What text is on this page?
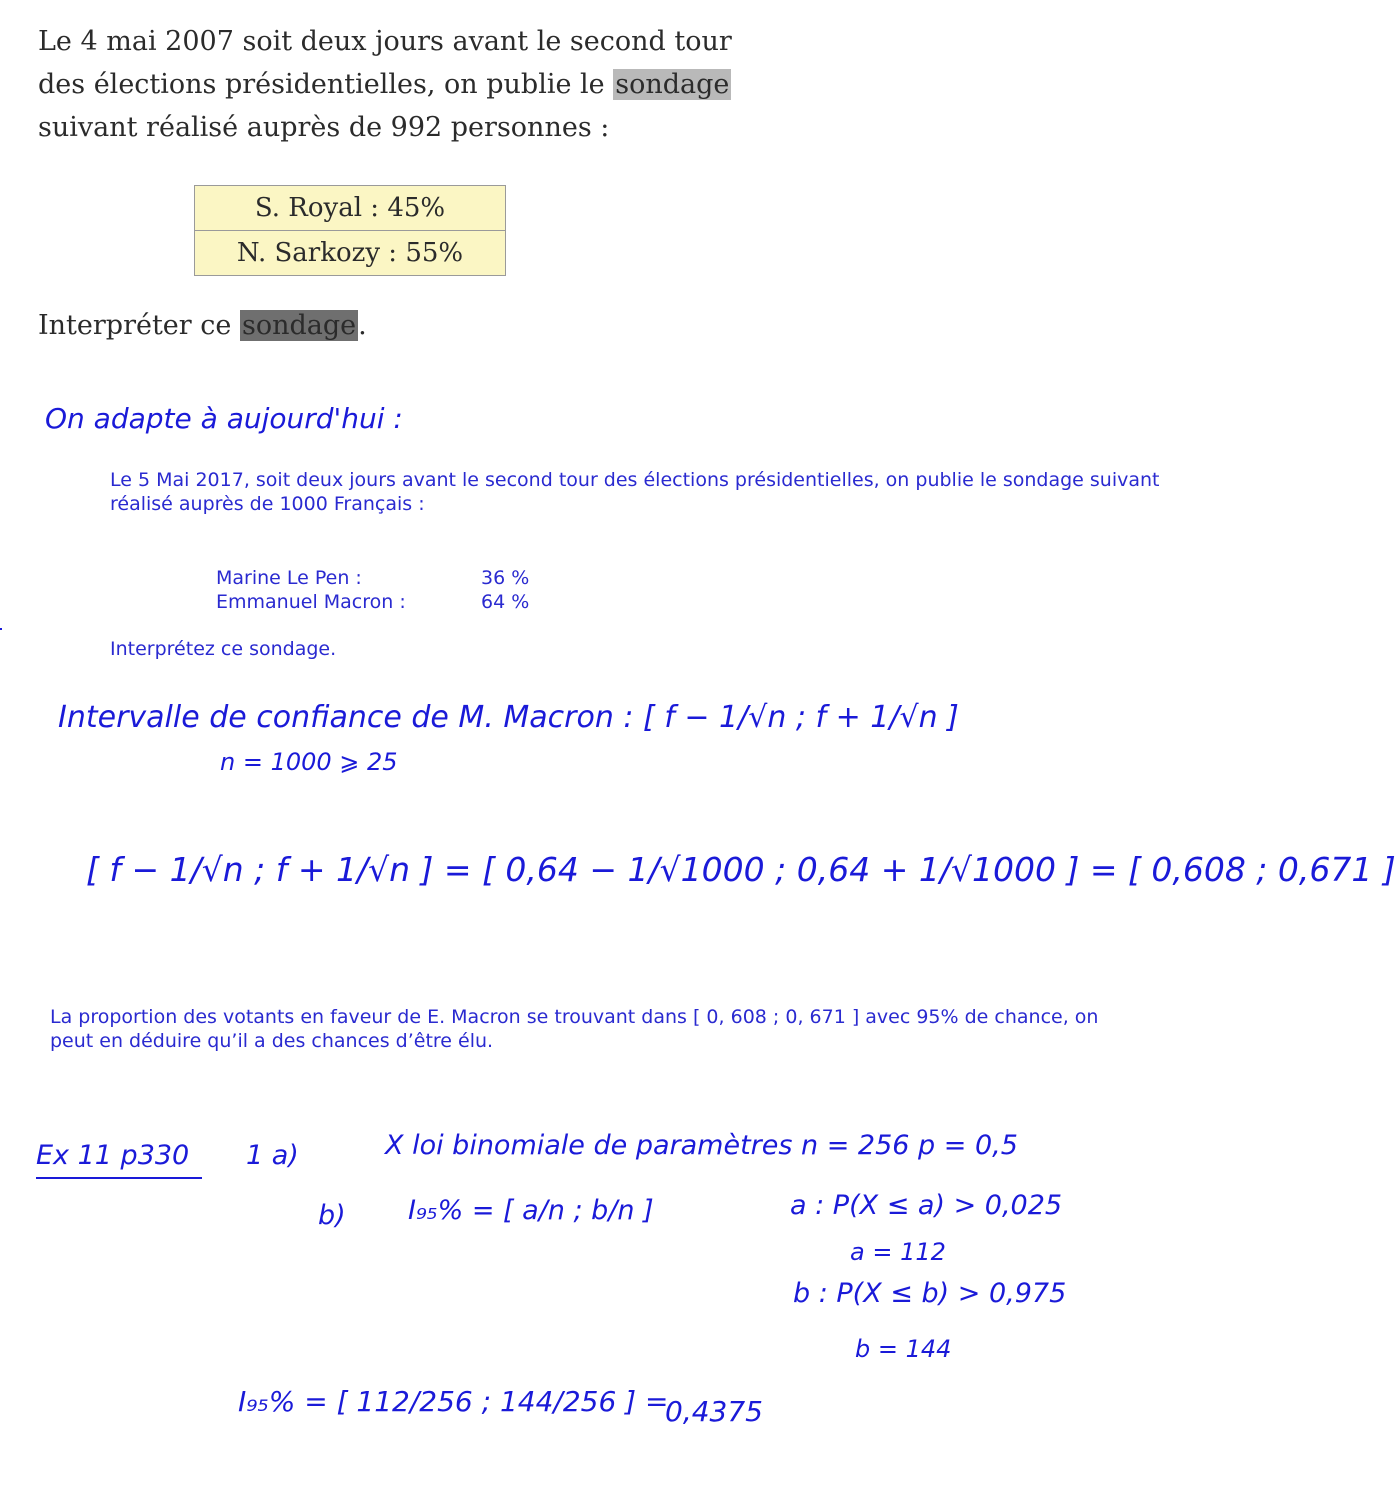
Le 4 mai 2007 soit deux jours avant le second tour
des élections présidentielles, on publie le sondage
suivant réalisé auprès de 992 personnes :
S. Royal : 45%
N. Sarkozy : 55%
Interpréter ce sondage.
On adapte à aujourd'hui :
Le 5 Mai 2017, soit deux jours avant le second tour des élections présidentielles, on publie le sondage suivant réalisé auprès de 1000 Français :
Marine Le Pen :	36 %
Emmanuel Macron :	64 %
Interprétez ce sondage.
Intervalle de confiance de M. Macron : [ f − 1/√n ; f + 1/√n ]
n = 1000 ⩾ 25
[ f − 1/√n ; f + 1/√n ] = [ 0,64 − 1/√1000 ; 0,64 + 1/√1000 ] = [ 0,608 ; 0,671 ]
La proportion des votants en faveur de E. Macron se trouvant dans [ 0, 608 ; 0, 671 ] avec 95% de chance, on peut en déduire qu’il a des chances d’être élu.
Ex 11 p330	1 a)	X loi binomiale de paramètres n = 256 p = 0,5
b) I₉₅% = [ a/n ; b/n ]	a : P(X ≤ a) > 0,025
a = 112
b : P(X ≤ b) > 0,975
b = 144
I₉₅% = [ 112/256 ; 144/256 ] =
0,4375
